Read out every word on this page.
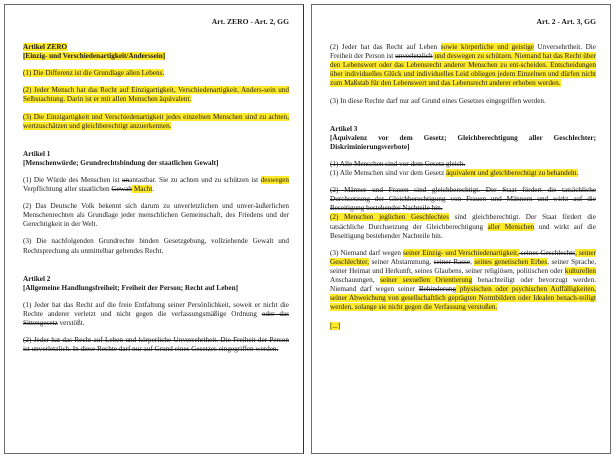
Art. ZERO - Art. 2, GG

Artikel ZERO

[Einzig- und Verschiedenartigkeit/Anderssein]

(1) Die Differenz ist die Grundlage allen Lebens.

(2) Jeder Mensch hat das Recht auf Einzigartigkeit, Verschiedenartigkeit, Anders-sein und Selbstachtung. Darin ist er mit allen Menschen äquivalent.

(3) Die Einzigartigkeit und Verschiedenartigkeit jedes einzelnen Menschen sind zu achten, wertzuschätzen und gleichberechtigt anzuerkennen.

Artikel 1

[Menschenwürde; Grundrechtsbindung der staatlichen Gewalt]

(1) Die Würde des Menschen ist unantastbar. Sie zu achten und zu schützen ist deswegen Verpflichtung aller staatlichen Gewalt Macht.

(2) Das Deutsche Volk bekennt sich darum zu unverletzlichen und unver-äußerlichen Menschenrechten als Grundlage jeder menschlichen Gemeinschaft, des Friedens und der Gerechtigkeit in der Welt.

(3) Die nachfolgenden Grundrechte binden Gesetzgebung, vollziehende Gewalt und Rechtsprechung als unmittelbar geltendes Recht.

Artikel 2

[Allgemeine Handlungsfreiheit; Freiheit der Person; Recht auf Leben]

(1) Jeder hat das Recht auf die freie Entfaltung seiner Persönlichkeit, soweit er nicht die Rechte anderer verletzt und nicht gegen die verfassungsmäßige Ordnung oder das Sittengesetz verstößt.

(2) Jeder hat das Recht auf Leben und körperliche Unversehrtheit. Die Freiheit der Person ist unverletzlich. In diese Rechte darf nur auf Grund eines Gesetzes eingegriffen werden.

Art. 2 - Art. 3, GG

(2) Jeder hat das Recht auf Leben sowie körperliche und geistige Unversehrtheit. Die Freiheit der Person ist unverletzlich und deswegen zu schützen. Niemand hat das Recht über den Lebenswert oder das Lebensrecht anderer Menschen zu ent-scheiden. Entscheidungen über individuelles Glück und individuelles Leid obliegen jedem Einzelnen und dürfen nicht zum Maßstab für den Lebenswert und das Lebensrecht anderer erhoben werden.

(3) In diese Rechte darf nur auf Grund eines Gesetzes eingegriffen werden.

Artikel 3

[Äquivalenz vor dem Gesetz; Gleichberechtigung aller Geschlechter; Diskriminierungsverbote]

(1) Alle Menschen sind vor dem Gesetz gleich.

(1) Alle Menschen sind vor dem Gesetz äquivalent und gleichberechtigt zu behandeln.

(2) Männer und Frauen sind gleichberechtigt. Der Staat fördert die tatsächliche Durchsetzung der Gleichberechtigung von Frauen und Männern und wirkt auf die Beseitigung bestehender Nachteile hin.

(2) Menschen jeglichen Geschlechtes sind gleichberechtigt. Der Staat fördert die tatsächliche Durchsetzung der Gleichberechtigung aller Menschen und wirkt auf die Beseitigung bestehender Nachteile hin.

(3) Niemand darf wegen seiner Einzig- und Verschiedenartigkeit, seines Geschlechts, seiner Geschlechter, seiner Abstammung, seiner Rasse, seines genetischen Erbes, seiner Sprache, seiner Heimat und Herkunft, seines Glaubens, seiner religiösen, politischen oder kulturellen Anschauungen, seiner sexuellen Orientierung benachteiligt oder bevorzugt werden. Niemand darf wegen seiner Behinderung physischen oder psychischen Auffälligkeiten, seiner Abweichung von gesellschaftlich geprägten Normbildern oder Idealen benach-teiligt werden, solange sie nicht gegen die Verfassung verstoßen.

[...]
